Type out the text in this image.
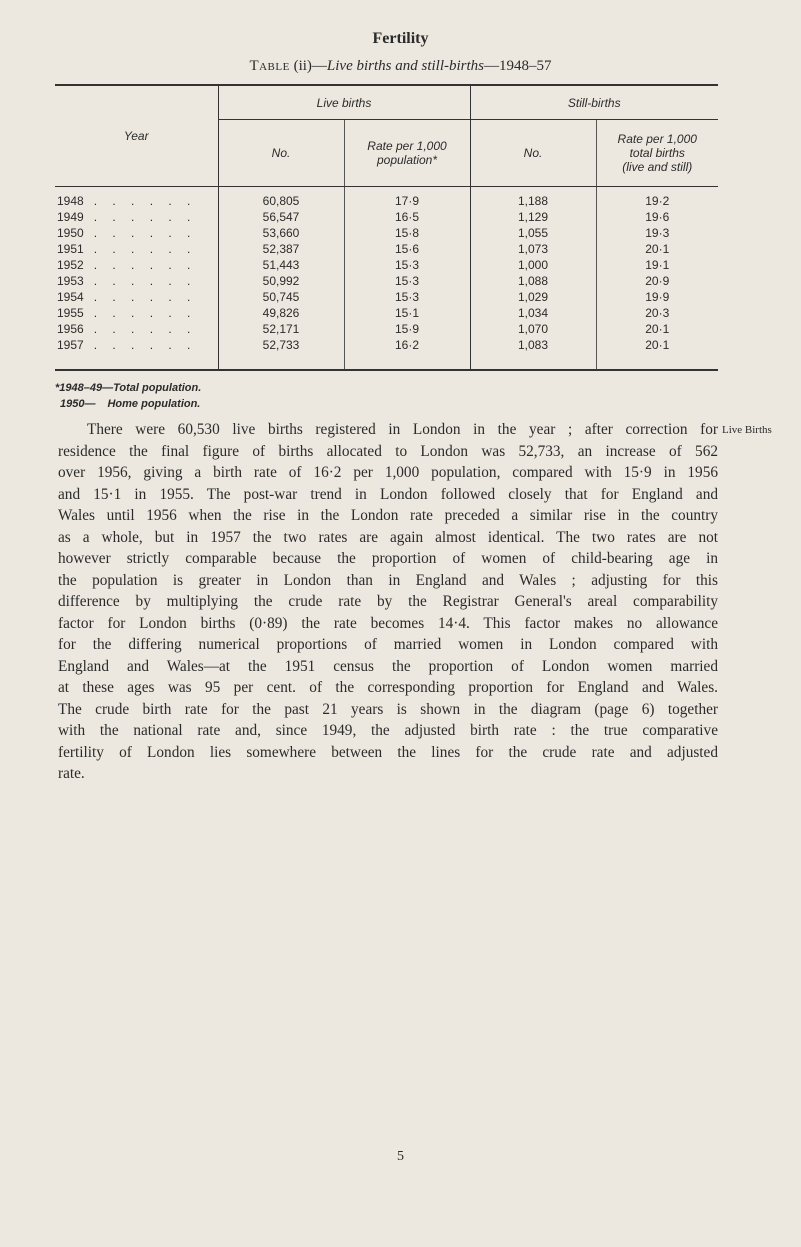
Fertility
Table (ii)—Live births and still-births—1948–57
Year	Live births		Still-births	
	No.	Rate per 1,000 population*	No.	Rate per 1,000
total births
(live and still)
1948 . . . . . .	60,805	17·9	1,188	19·2
1949 . . . . . .	56,547	16·5	1,129	19·6
1950 . . . . . .	53,660	15·8	1,055	19·3
1951 . . . . . .	52,387	15·6	1,073	20·1
1952 . . . . . .	51,443	15·3	1,000	19·1
1953 . . . . . .	50,992	15·3	1,088	20·9
1954 . . . . . .	50,745	15·3	1,029	19·9
1955 . . . . . .	49,826	15·1	1,034	20·3
1956 . . . . . .	52,171	15·9	1,070	20·1
1957 . . . . . .	52,733	16·2	1,083	20·1

*1948–49—Total population.
1950— Home population.
Live Births
There were 60,530 live births registered in London in the year ; after correction for
residence the final figure of births allocated to London was 52,733, an increase of 562
over 1956, giving a birth rate of 16·2 per 1,000 population, compared with 15·9 in 1956
and 15·1 in 1955. The post-war trend in London followed closely that for England and
Wales until 1956 when the rise in the London rate preceded a similar rise in the country
as a whole, but in 1957 the two rates are again almost identical. The two rates are not
however strictly comparable because the proportion of women of child-bearing age in
the population is greater in London than in England and Wales ; adjusting for this
difference by multiplying the crude rate by the Registrar General's areal comparability
factor for London births (0·89) the rate becomes 14·4. This factor makes no allowance
for the differing numerical proportions of married women in London compared with
England and Wales—at the 1951 census the proportion of London women married
at these ages was 95 per cent. of the corresponding proportion for England and Wales.
The crude birth rate for the past 21 years is shown in the diagram (page 6) together
with the national rate and, since 1949, the adjusted birth rate : the true comparative
fertility of London lies somewhere between the lines for the crude rate and adjusted
rate.
5
